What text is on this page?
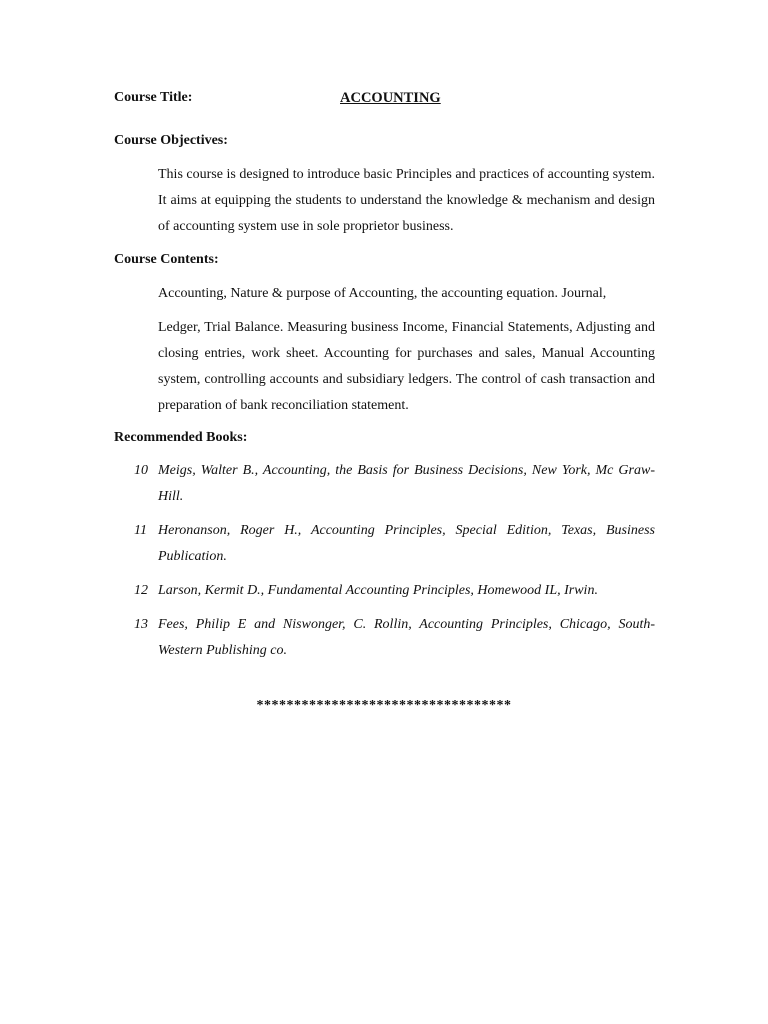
Course Title:	ACCOUNTING
Course Objectives:
This course is designed to introduce basic Principles and practices of accounting system. It aims at equipping the students to understand the knowledge & mechanism and design of accounting system use in sole proprietor business.
Course Contents:
Accounting, Nature & purpose of Accounting, the accounting equation. Journal,
Ledger, Trial Balance. Measuring business Income, Financial Statements, Adjusting and closing entries, work sheet. Accounting for purchases and sales, Manual Accounting system, controlling accounts and subsidiary ledgers. The control of cash transaction and preparation of bank reconciliation statement.
Recommended Books:
10 Meigs, Walter B., Accounting, the Basis for Business Decisions, New York, Mc Graw-Hill.
11 Heronanson, Roger H., Accounting Principles, Special Edition, Texas, Business Publication.
12 Larson, Kermit D., Fundamental Accounting Principles, Homewood IL, Irwin.
13 Fees, Philip E and Niswonger, C. Rollin, Accounting Principles, Chicago, South-Western Publishing co.
**********************************
